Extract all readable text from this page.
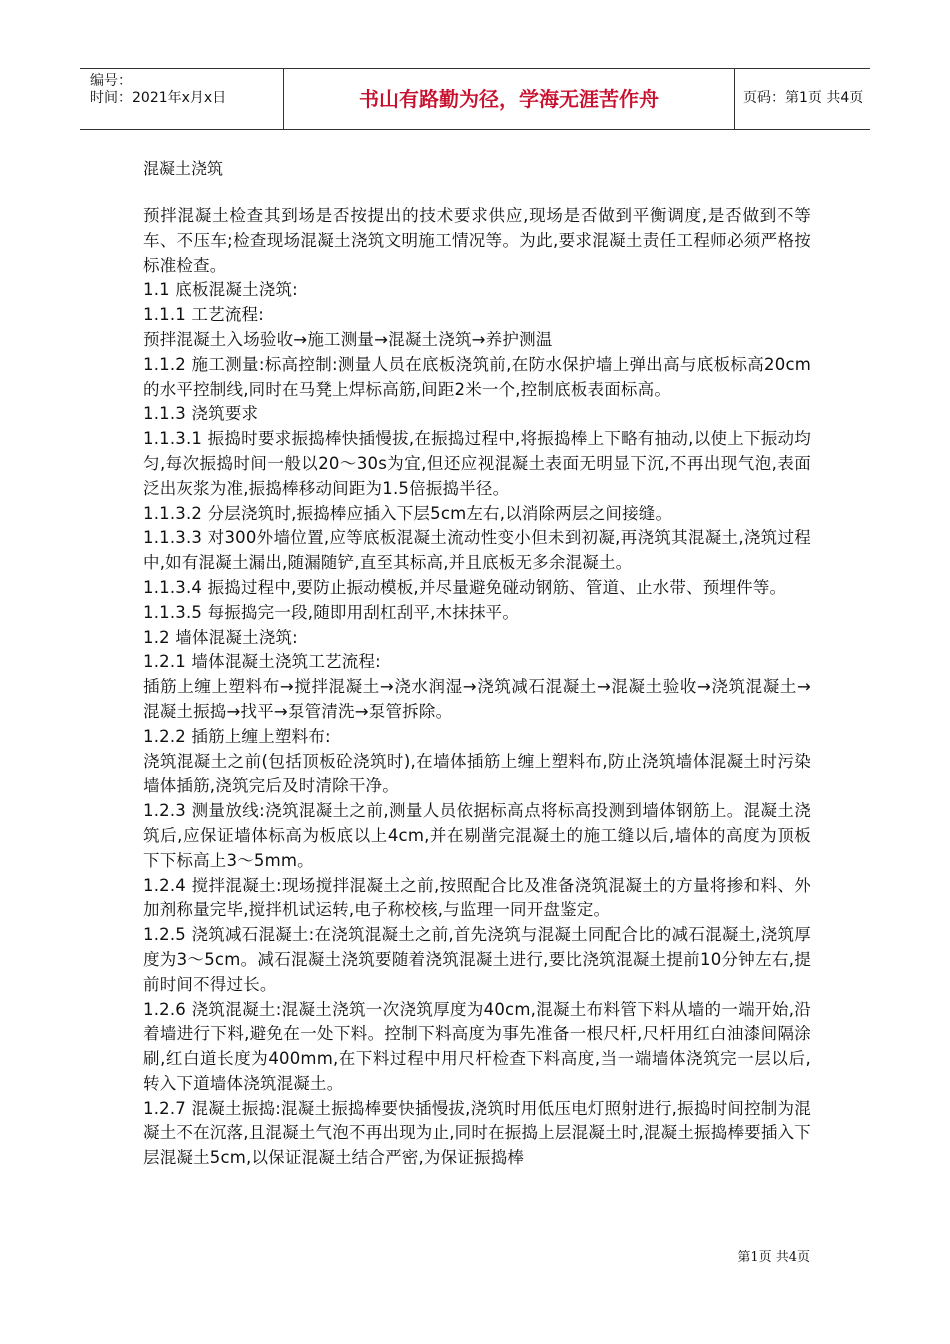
编号：
时间：2021年x月x日	书山有路勤为径，学海无涯苦作舟	页码：第1页 共4页
混凝土浇筑

预拌混凝土检查其到场是否按提出的技术要求供应,现场是否做到平衡调度,是否做到不等车、不压车;检查现场混凝土浇筑文明施工情况等。为此,要求混凝土责任工程师必须严格按标准检查。

1.1 底板混凝土浇筑:

1.1.1 工艺流程:

预拌混凝土入场验收→施工测量→混凝土浇筑→养护测温

1.1.2 施工测量:标高控制:测量人员在底板浇筑前,在防水保护墙上弹出高与底板标高20cm的水平控制线,同时在马凳上焊标高筋,间距2米一个,控制底板表面标高。

1.1.3 浇筑要求

1.1.3.1 振捣时要求振捣棒快插慢拔,在振捣过程中,将振捣棒上下略有抽动,以使上下振动均匀,每次振捣时间一般以20～30s为宜,但还应视混凝土表面无明显下沉,不再出现气泡,表面泛出灰浆为准,振捣棒移动间距为1.5倍振捣半径。

1.1.3.2 分层浇筑时,振捣棒应插入下层5cm左右,以消除两层之间接缝。

1.1.3.3 对300外墙位置,应等底板混凝土流动性变小但未到初凝,再浇筑其混凝土,浇筑过程中,如有混凝土漏出,随漏随铲,直至其标高,并且底板无多余混凝土。

1.1.3.4 振捣过程中,要防止振动模板,并尽量避免碰动钢筋、管道、止水带、预埋件等。

1.1.3.5 每振捣完一段,随即用刮杠刮平,木抹抹平。

1.2 墙体混凝土浇筑:

1.2.1 墙体混凝土浇筑工艺流程:

插筋上缠上塑料布→搅拌混凝土→浇水润湿→浇筑减石混凝土→混凝土验收→浇筑混凝土→混凝土振捣→找平→泵管清洗→泵管拆除。

1.2.2 插筋上缠上塑料布:

浇筑混凝土之前(包括顶板砼浇筑时),在墙体插筋上缠上塑料布,防止浇筑墙体混凝土时污染墙体插筋,浇筑完后及时清除干净。

1.2.3 测量放线:浇筑混凝土之前,测量人员依据标高点将标高投测到墙体钢筋上。混凝土浇筑后,应保证墙体标高为板底以上4cm,并在剔凿完混凝土的施工缝以后,墙体的高度为顶板下下标高上3～5mm。

1.2.4 搅拌混凝土:现场搅拌混凝土之前,按照配合比及准备浇筑混凝土的方量将掺和料、外加剂称量完毕,搅拌机试运转,电子称校核,与监理一同开盘鉴定。

1.2.5 浇筑减石混凝土:在浇筑混凝土之前,首先浇筑与混凝土同配合比的减石混凝土,浇筑厚度为3～5cm。减石混凝土浇筑要随着浇筑混凝土进行,要比浇筑混凝土提前10分钟左右,提前时间不得过长。

1.2.6 浇筑混凝土:混凝土浇筑一次浇筑厚度为40cm,混凝土布料管下料从墙的一端开始,沿着墙进行下料,避免在一处下料。控制下料高度为事先准备一根尺杆,尺杆用红白油漆间隔涂刷,红白道长度为400mm,在下料过程中用尺杆检查下料高度,当一端墙体浇筑完一层以后,转入下道墙体浇筑混凝土。

1.2.7 混凝土振捣:混凝土振捣棒要快插慢拔,浇筑时用低压电灯照射进行,振捣时间控制为混凝土不在沉落,且混凝土气泡不再出现为止,同时在振捣上层混凝土时,混凝土振捣棒要插入下层混凝土5cm,以保证混凝土结合严密,为保证振捣棒

第1页 共4页
